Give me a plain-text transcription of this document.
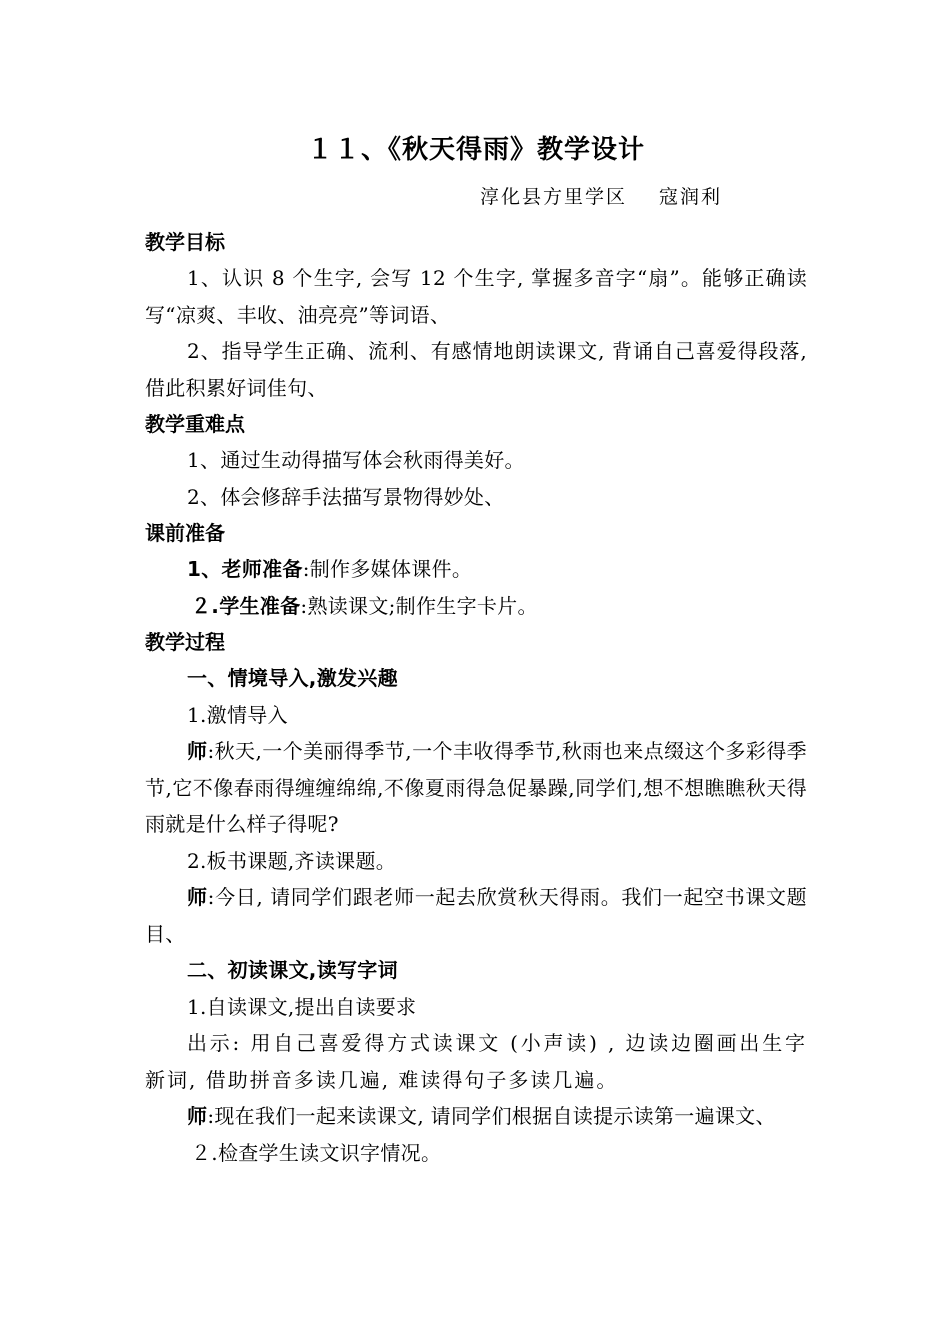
１１、《秋天得雨》教学设计
淳化县方里学区 寇润利
教学目标

1、认识 8 个生字, 会写 12 个生字, 掌握多音字“扇”。能够正确读写“凉爽、丰收、油亮亮”等词语、

2、指导学生正确、流利、有感情地朗读课文, 背诵自己喜爱得段落, 借此积累好词佳句、

教学重难点

1、通过生动得描写体会秋雨得美好。

2、体会修辞手法描写景物得妙处、

课前准备

1、老师准备:制作多媒体课件。

２.学生准备:熟读课文;制作生字卡片。

教学过程

一、情境导入,激发兴趣

1.激情导入

师:秋天,一个美丽得季节,一个丰收得季节,秋雨也来点缀这个多彩得季节,它不像春雨得缠缠绵绵,不像夏雨得急促暴躁,同学们,想不想瞧瞧秋天得雨就是什么样子得呢?

2.板书课题,齐读课题。

师:今日, 请同学们跟老师一起去欣赏秋天得雨。我们一起空书课文题目、

二、初读课文,读写字词

1.自读课文,提出自读要求

出示: 用自己喜爱得方式读课文 (小声读) , 边读边圈画出生字新词, 借助拼音多读几遍, 难读得句子多读几遍。

师:现在我们一起来读课文, 请同学们根据自读提示读第一遍课文、

２.检查学生读文识字情况。
